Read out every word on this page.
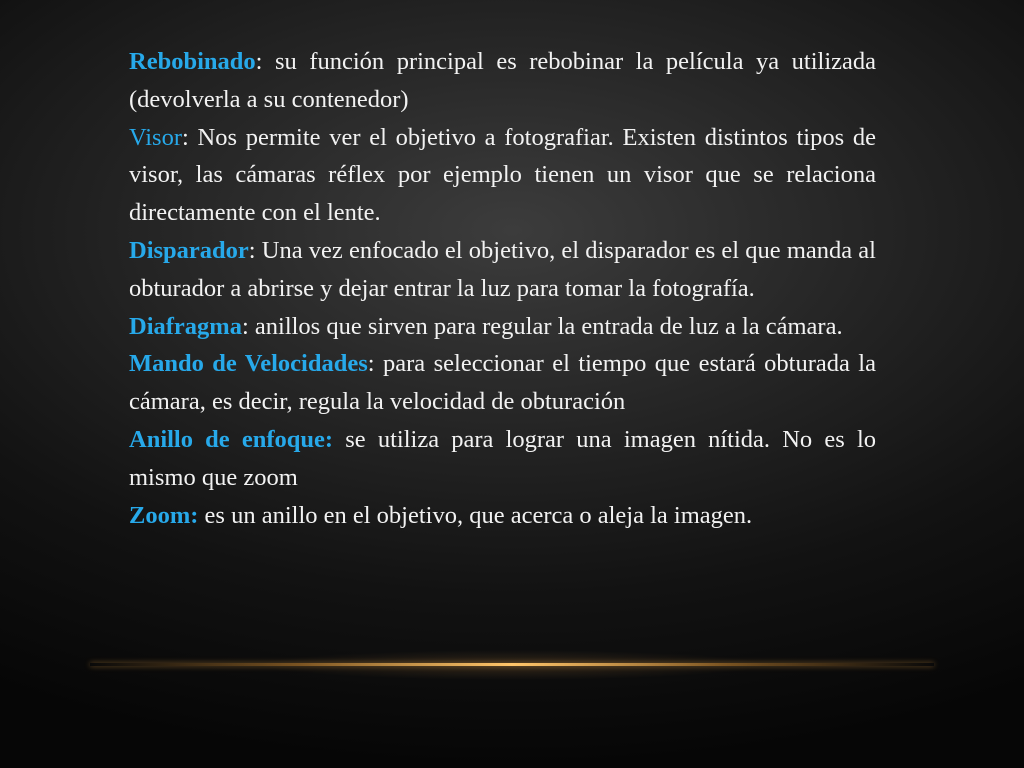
Rebobinado: su función principal es rebobinar la película ya utilizada (devolverla a su contenedor)

Visor: Nos permite ver el objetivo a fotografiar. Existen distintos tipos de visor, las cámaras réflex por ejemplo tienen un visor que se relaciona directamente con el lente.

Disparador: Una vez enfocado el objetivo, el disparador es el que manda al obturador a abrirse y dejar entrar la luz para tomar la fotografía.

Diafragma: anillos que sirven para regular la entrada de luz a la cámara.

Mando de Velocidades: para seleccionar el tiempo que estará obturada la cámara, es decir, regula la velocidad de obturación

Anillo de enfoque: se utiliza para lograr una imagen nítida. No es lo mismo que zoom

Zoom: es un anillo en el objetivo, que acerca o aleja la imagen.
